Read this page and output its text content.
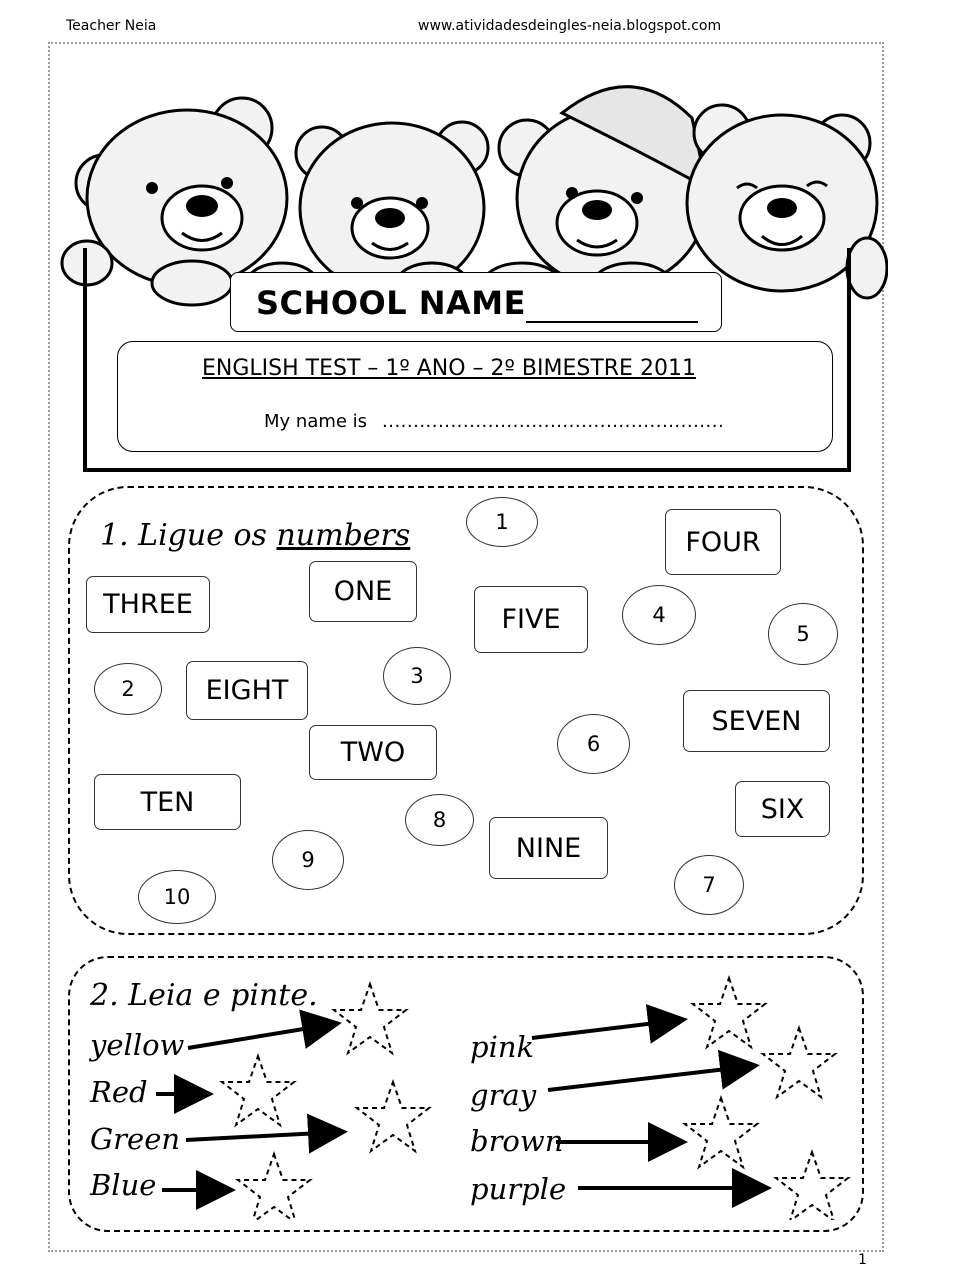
Teacher Neia	www.atividadesdeingles-neia.blogspot.com
SCHOOL NAME
ENGLISH TEST – 1º ANO – 2º BIMESTRE 2011
My name is .......................................................
1. Ligue os numbers	FOUR
THREE	ONE
FIVE
EIGHT
SEVEN
TWO
TEN	SIX
NINE
1
4
5
2
3
6
8
9
10	7
2. Leia e pinte.
yellow
Red
Green
Blue
pink
gray
brown
purple
1
